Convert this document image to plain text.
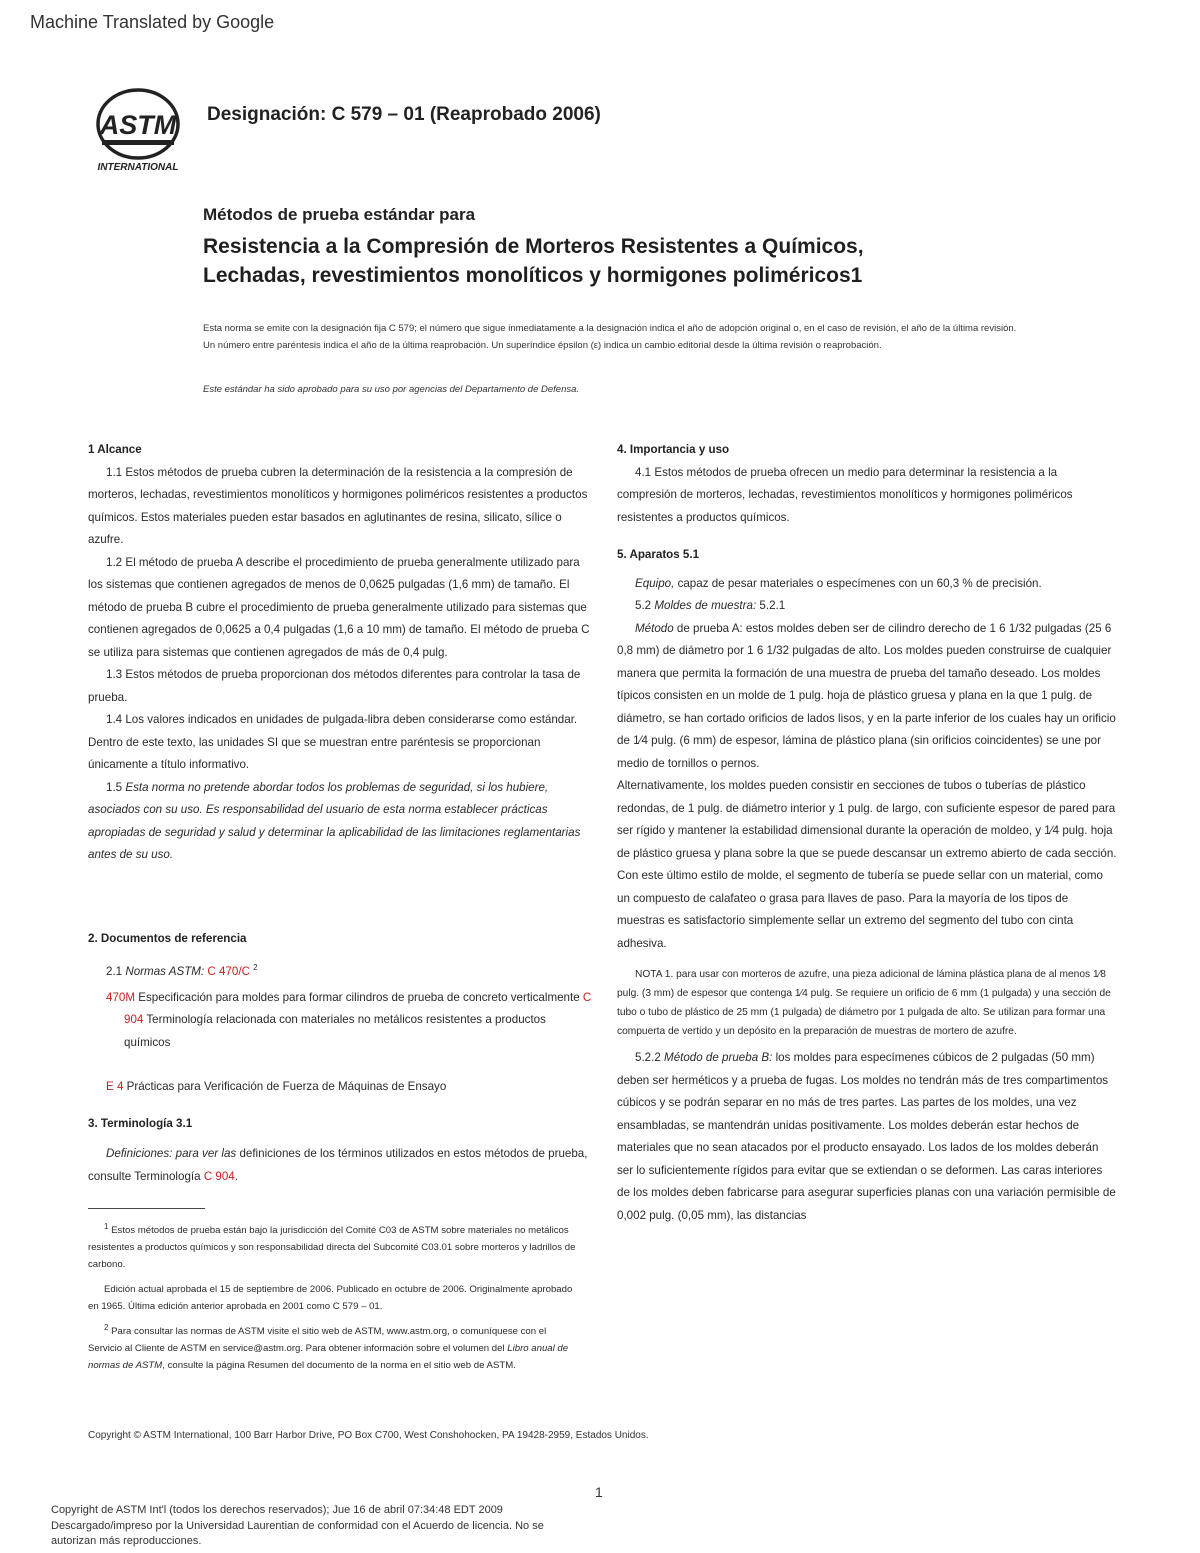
Machine Translated by Google
ASTM
INTERNATIONAL
Designación: C 579 – 01 (Reaprobado 2006)
Métodos de prueba estándar para
Resistencia a la Compresión de Morteros Resistentes a Químicos,
Lechadas, revestimientos monolíticos y hormigones poliméricos1
Esta norma se emite con la designación fija C 579; el número que sigue inmediatamente a la designación indica el año de adopción original o, en el caso de revisión, el año de la última revisión. Un número entre paréntesis indica el año de la última reaprobación. Un superíndice épsilon (ε) indica un cambio editorial desde la última revisión o reaprobación.
Este estándar ha sido aprobado para su uso por agencias del Departamento de Defensa.

1 Alcance

1.1 Estos métodos de prueba cubren la determinación de la resistencia a la compresión de morteros, lechadas, revestimientos monolíticos y hormigones poliméricos resistentes a productos químicos. Estos materiales pueden estar basados en aglutinantes de resina, silicato, sílice o azufre.

1.2 El método de prueba A describe el procedimiento de prueba generalmente utilizado para los sistemas que contienen agregados de menos de 0,0625 pulgadas (1,6 mm) de tamaño. El método de prueba B cubre el procedimiento de prueba generalmente utilizado para sistemas que contienen agregados de 0,0625 a 0,4 pulgadas (1,6 a 10 mm) de tamaño. El método de prueba C se utiliza para sistemas que contienen agregados de más de 0,4 pulg.

1.3 Estos métodos de prueba proporcionan dos métodos diferentes para controlar la tasa de prueba.

1.4 Los valores indicados en unidades de pulgada-libra deben considerarse como estándar. Dentro de este texto, las unidades SI que se muestran entre paréntesis se proporcionan únicamente a título informativo.

1.5 Esta norma no pretende abordar todos los problemas de seguridad, si los hubiere, asociados con su uso. Es responsabilidad del usuario de esta norma establecer prácticas apropiadas de seguridad y salud y determinar la aplicabilidad de las limitaciones reglamentarias antes de su uso.

2. Documentos de referencia

2.1 Normas ASTM: C 470/C $^2$

470M Especificación para moldes para formar cilindros de prueba de concreto verticalmente C 904 Terminología relacionada con materiales no metálicos resistentes a productos químicos

E 4 Prácticas para Verificación de Fuerza de Máquinas de Ensayo

3. Terminología 3.1

Definiciones: para ver las definiciones de los términos utilizados en estos métodos de prueba, consulte Terminología C 904.

$^1$ Estos métodos de prueba están bajo la jurisdicción del Comité C03 de ASTM sobre materiales no metálicos resistentes a productos químicos y son responsabilidad directa del Subcomité C03.01 sobre morteros y ladrillos de carbono.

Edición actual aprobada el 15 de septiembre de 2006. Publicado en octubre de 2006. Originalmente aprobado en 1965. Última edición anterior aprobada en 2001 como C 579 – 01.

$^2$ Para consultar las normas de ASTM visite el sitio web de ASTM, www.astm.org, o comuníquese con el Servicio al Cliente de ASTM en service@astm.org. Para obtener información sobre el volumen del Libro anual de normas de ASTM, consulte la página Resumen del documento de la norma en el sitio web de ASTM.

4. Importancia y uso

4.1 Estos métodos de prueba ofrecen un medio para determinar la resistencia a la compresión de morteros, lechadas, revestimientos monolíticos y hormigones poliméricos resistentes a productos químicos.

5. Aparatos 5.1

Equipo, capaz de pesar materiales o especímenes con un 60,3 % de precisión.

5.2 Moldes de muestra: 5.2.1

Método de prueba A: estos moldes deben ser de cilindro derecho de 1 6 1/32 pulgadas (25 6 0,8 mm) de diámetro por 1 6 1/32 pulgadas de alto. Los moldes pueden construirse de cualquier manera que permita la formación de una muestra de prueba del tamaño deseado. Los moldes típicos consisten en un molde de 1 pulg. hoja de plástico gruesa y plana en la que 1 pulg. de diámetro, se han cortado orificios de lados lisos, y en la parte inferior de los cuales hay un orificio de 1⁄4 pulg. (6 mm) de espesor, lámina de plástico plana (sin orificios coincidentes) se une por medio de tornillos o pernos.

Alternativamente, los moldes pueden consistir en secciones de tubos o tuberías de plástico redondas, de 1 pulg. de diámetro interior y 1 pulg. de largo, con suficiente espesor de pared para ser rígido y mantener la estabilidad dimensional durante la operación de moldeo, y 1⁄4 pulg. hoja de plástico gruesa y plana sobre la que se puede descansar un extremo abierto de cada sección. Con este último estilo de molde, el segmento de tubería se puede sellar con un material, como un compuesto de calafateo o grasa para llaves de paso. Para la mayoría de los tipos de muestras es satisfactorio simplemente sellar un extremo del segmento del tubo con cinta adhesiva.

NOTA 1. para usar con morteros de azufre, una pieza adicional de lámina plástica plana de al menos 1⁄8 pulg. (3 mm) de espesor que contenga 1⁄4 pulg. Se requiere un orificio de 6 mm (1 pulgada) y una sección de tubo o tubo de plástico de 25 mm (1 pulgada) de diámetro por 1 pulgada de alto. Se utilizan para formar una compuerta de vertido y un depósito en la preparación de muestras de mortero de azufre.

5.2.2 Método de prueba B: los moldes para especímenes cúbicos de 2 pulgadas (50 mm) deben ser herméticos y a prueba de fugas. Los moldes no tendrán más de tres compartimentos cúbicos y se podrán separar en no más de tres partes. Las partes de los moldes, una vez ensambladas, se mantendrán unidas positivamente. Los moldes deberán estar hechos de materiales que no sean atacados por el producto ensayado. Los lados de los moldes deberán ser lo suficientemente rígidos para evitar que se extiendan o se deformen. Las caras interiores de los moldes deben fabricarse para asegurar superficies planas con una variación permisible de 0,002 pulg. (0,05 mm), las distancias

Copyright © ASTM International, 100 Barr Harbor Drive, PO Box C700, West Conshohocken, PA 19428-2959, Estados Unidos.
1
Copyright de ASTM Int'l (todos los derechos reservados); Jue 16 de abril 07:34:48 EDT 2009 Descargado/impreso por la Universidad Laurentian de conformidad con el Acuerdo de licencia. No se autorizan más reproducciones.
